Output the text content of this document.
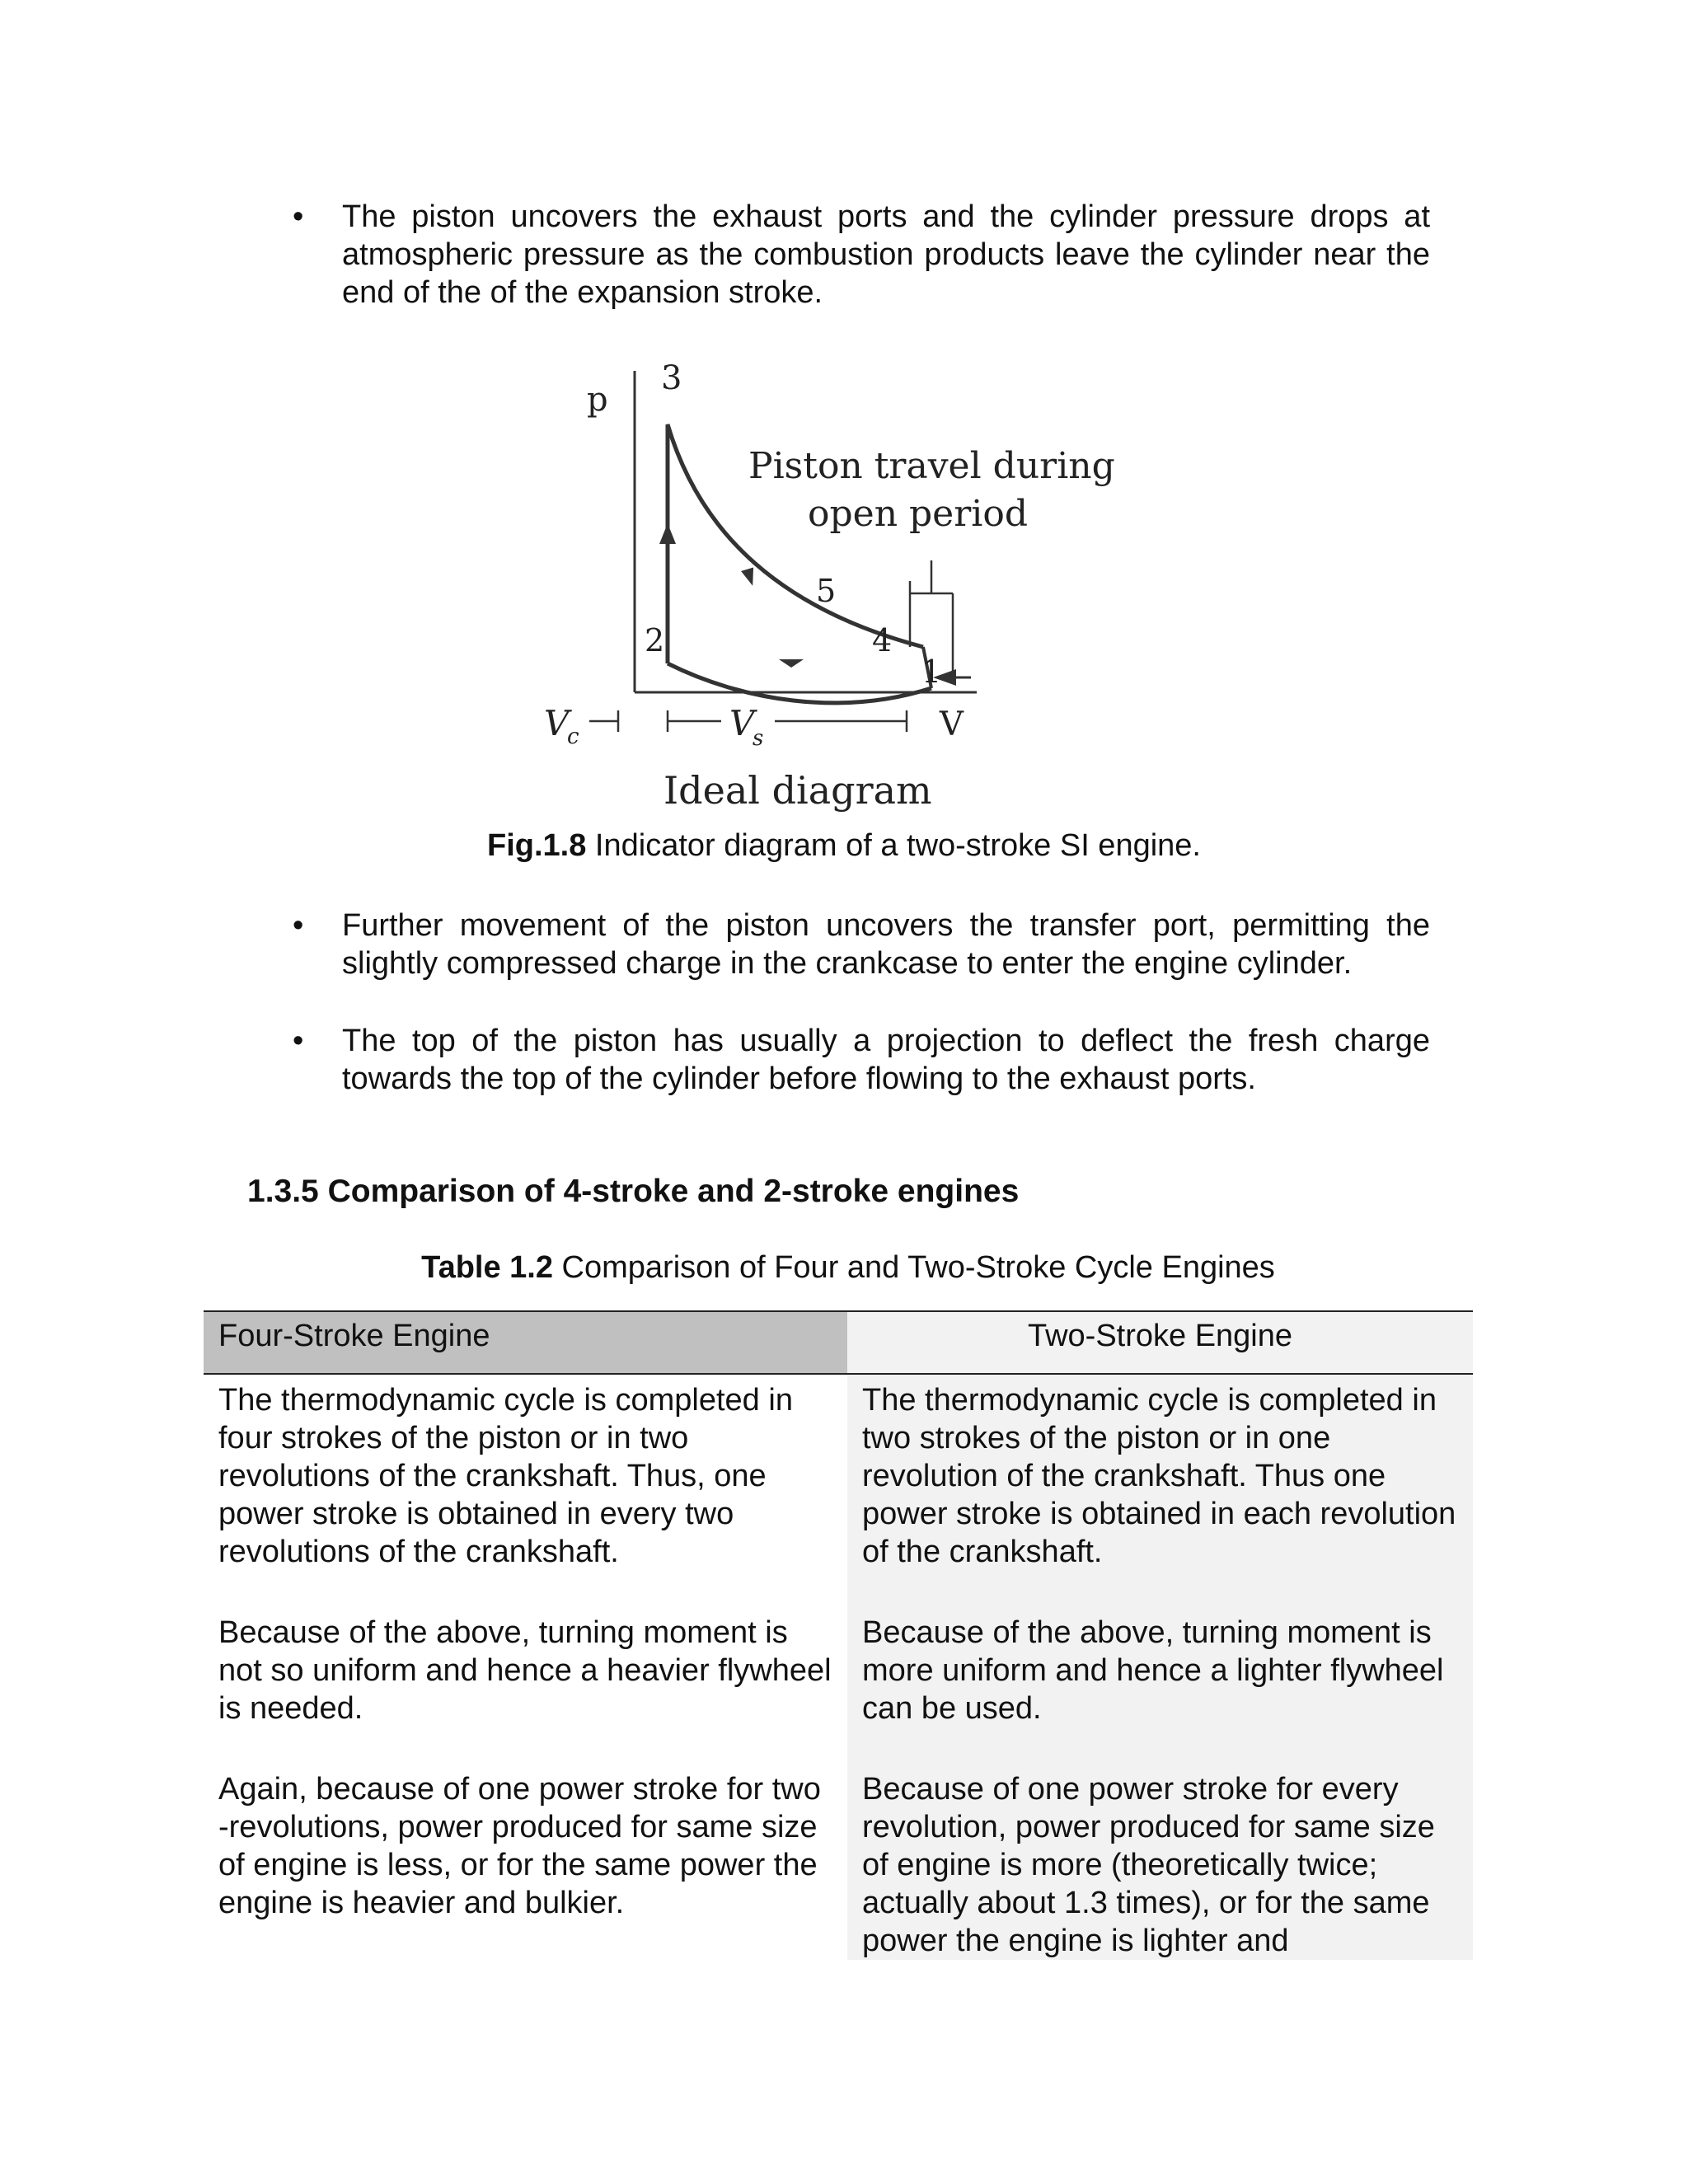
• The piston uncovers the exhaust ports and the cylinder pressure drops at atmospheric pressure as the combustion products leave the cylinder near the end of the of the expansion stroke.
p
3
2
5
4
1
Piston travel during
open period
V
c	V
s	V
Ideal diagram
Fig.1.8 Indicator diagram of a two-stroke SI engine.
• Further movement of the piston uncovers the transfer port, permitting the slightly compressed charge in the crankcase to enter the engine cylinder.
• The top of the piston has usually a projection to deflect the fresh charge towards the top of the cylinder before flowing to the exhaust ports.
1.3.5 Comparison of 4-stroke and 2-stroke engines
Table 1.2 Comparison of Four and Two-Stroke Cycle Engines
Four-Stroke Engine	Two-Stroke Engine
The thermodynamic cycle is completed in four strokes of the piston or in two revolutions of the crankshaft. Thus, one power stroke is obtained in every two revolutions of the crankshaft.	The thermodynamic cycle is completed in two strokes of the piston or in one revolution of the crankshaft. Thus one power stroke is obtained in each revolution of the crankshaft.
Because of the above, turning moment is not so uniform and hence a heavier flywheel is needed.	Because of the above, turning moment is more uniform and hence a lighter flywheel can be used.
Again, because of one power stroke for two -revolutions, power produced for same size of engine is less, or for the same power the engine is heavier and bulkier.	Because of one power stroke for every revolution, power produced for same size of engine is more (theoretically twice; actually about 1.3 times), or for the same power the engine is lighter and
